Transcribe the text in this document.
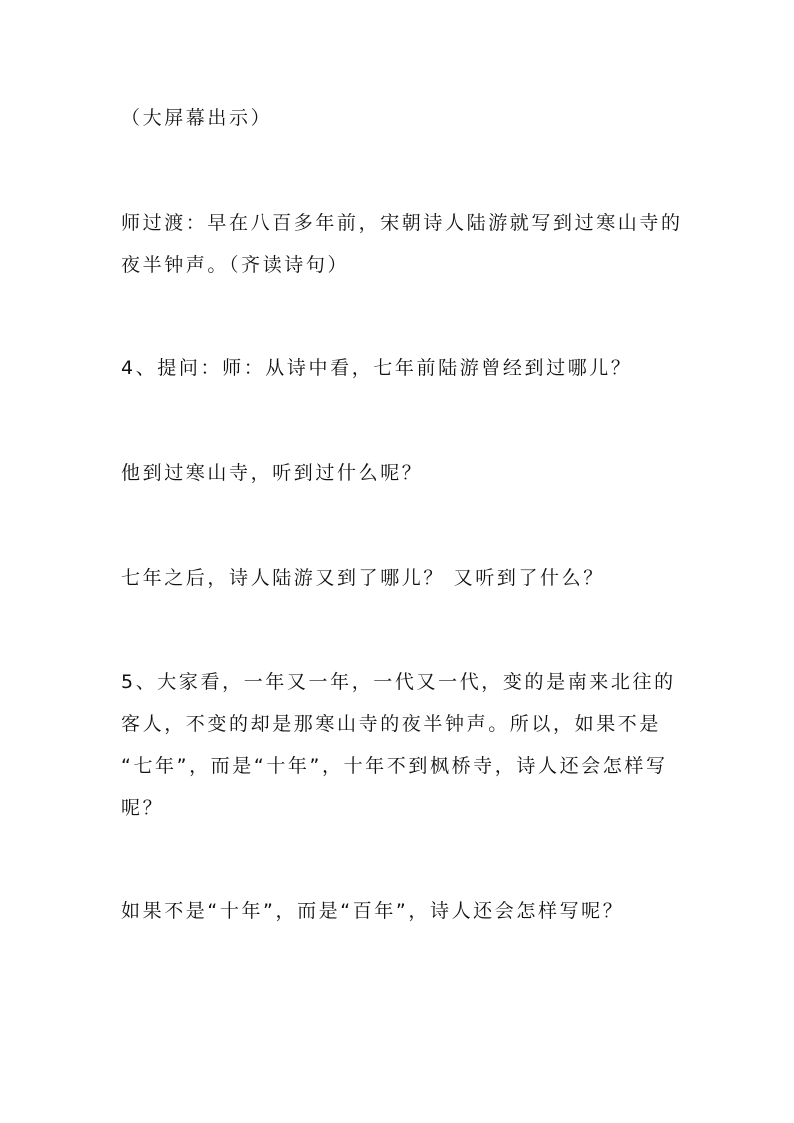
（大屏幕出示）
师过渡：早在八百多年前，宋朝诗人陆游就写到过寒山寺的
夜半钟声。（齐读诗句）
4、提问：师：从诗中看，七年前陆游曾经到过哪儿？
他到过寒山寺，听到过什么呢？
七年之后，诗人陆游又到了哪儿？ 又听到了什么？
5、大家看，一年又一年，一代又一代，变的是南来北往的
客人，不变的却是那寒山寺的夜半钟声。所以，如果不是
“七年”，而是“十年”，十年不到枫桥寺，诗人还会怎样写
呢？
如果不是“十年”，而是“百年”，诗人还会怎样写呢？
